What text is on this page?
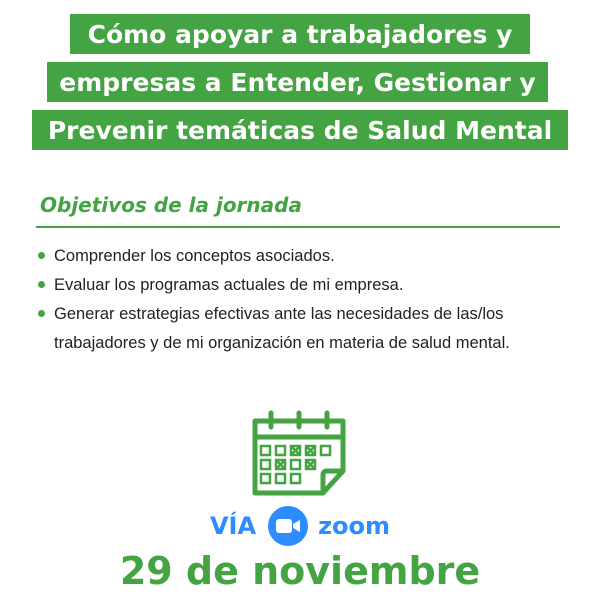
Cómo apoyar a trabajadores y
empresas a Entender, Gestionar y
Prevenir temáticas de Salud Mental
Objetivos de la jornada
Comprender los conceptos asociados.
Evaluar los programas actuales de mi empresa.
Generar estrategias efectivas ante las necesidades de las/los trabajadores y de mi organización en materia de salud mental.
VÍA	zoom
29 de noviembre
